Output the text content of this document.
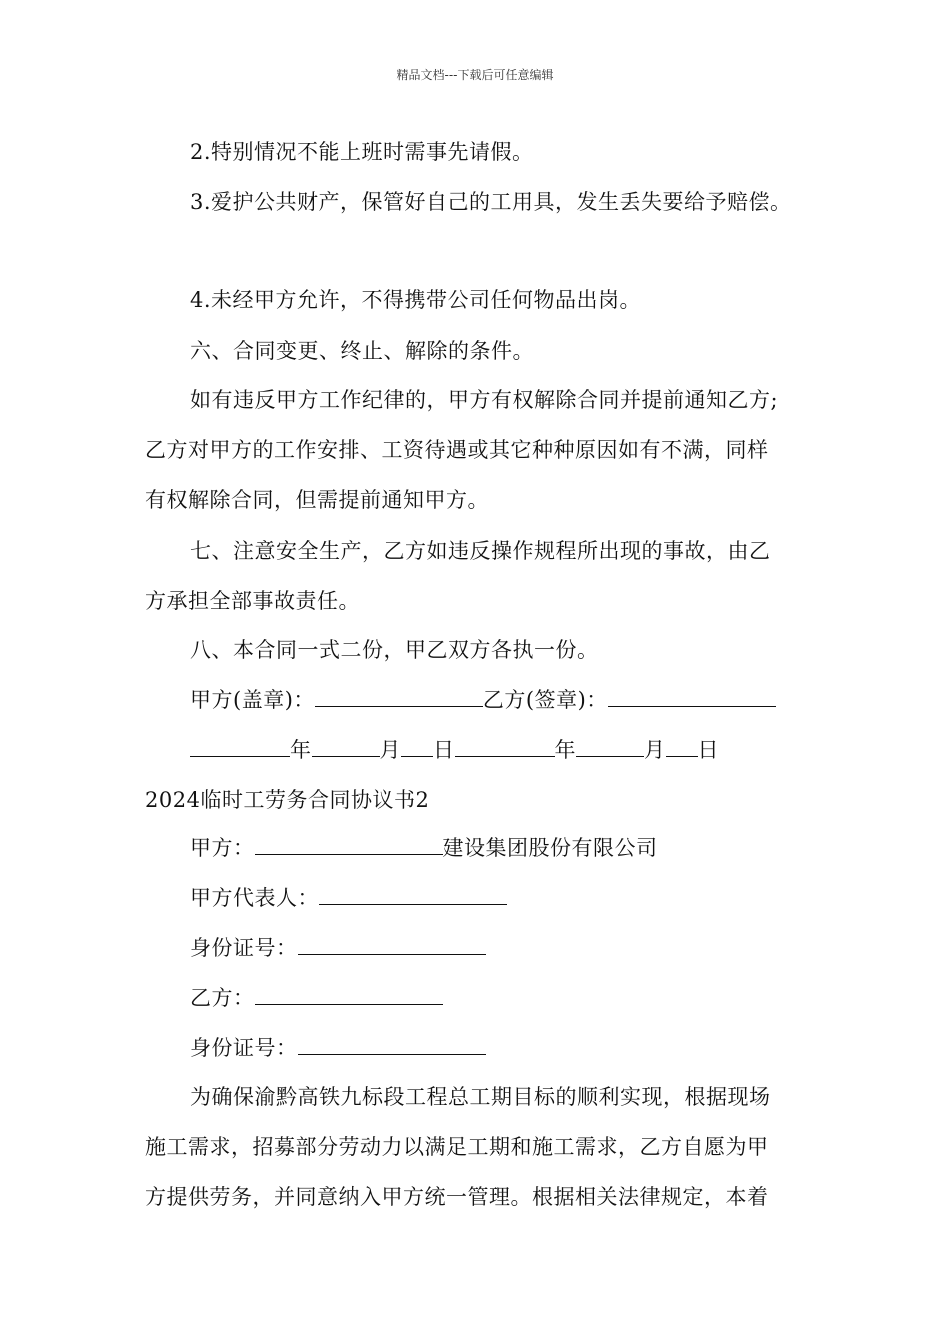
精品文档---下载后可任意编辑
2.特别情况不能上班时需事先请假。
3.爱护公共财产，保管好自己的工用具，发生丢失要给予赔偿。
4.未经甲方允许，不得携带公司任何物品出岗。
六、合同变更、终止、解除的条件。
如有违反甲方工作纪律的，甲方有权解除合同并提前通知乙方;
乙方对甲方的工作安排、工资待遇或其它种种原因如有不满，同样
有权解除合同，但需提前通知甲方。
七、注意安全生产，乙方如违反操作规程所出现的事故，由乙
方承担全部事故责任。
八、本合同一式二份，甲乙双方各执一份。
甲方(盖章)：	乙方(签章)：
年	月 日	年	月 日
2024临时工劳务合同协议书2
甲方：	建设集团股份有限公司
甲方代表人：
身份证号：
乙方：
身份证号：
为确保渝黔高铁九标段工程总工期目标的顺利实现，根据现场
施工需求，招募部分劳动力以满足工期和施工需求，乙方自愿为甲
方提供劳务，并同意纳入甲方统一管理。根据相关法律规定，本着
